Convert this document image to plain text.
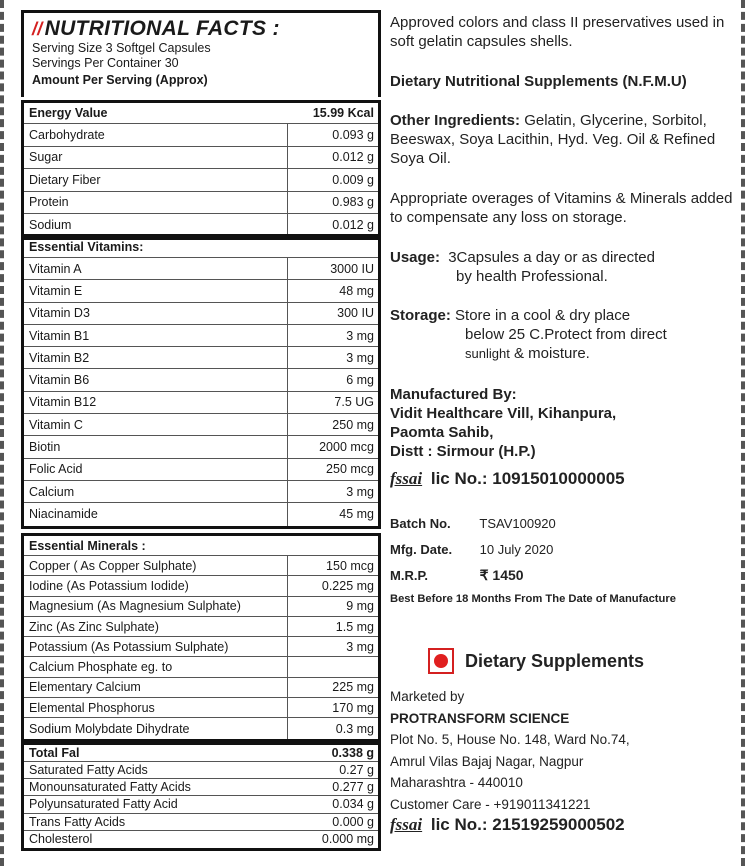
//NUTRITIONAL FACTS :
Serving Size 3 Softgel Capsules
Servings Per Container 30
Amount Per Serving (Approx)
Energy Value	15.99 Kcal
Carbohydrate	0.093 g
Sugar	0.012 g
Dietary Fiber	0.009 g
Protein	0.983 g
Sodium	0.012 g
Essential Vitamins:
Vitamin A	3000 IU
Vitamin E	48 mg
Vitamin D3	300 IU
Vitamin B1	3 mg
Vitamin B2	3 mg
Vitamin B6	6 mg
Vitamin B12	7.5 UG
Vitamin C	250 mg
Biotin	2000 mcg
Folic Acid	250 mcg
Calcium	3 mg
Niacinamide	45 mg
Essential Minerals :
Copper ( As Copper Sulphate)	150 mcg
Iodine (As Potassium Iodide)	0.225 mg
Magnesium (As Magnesium Sulphate)	9 mg
Zinc (As Zinc Sulphate)	1.5 mg
Potassium (As Potassium Sulphate)	3 mg
Calcium Phosphate eg. to
Elementary Calcium	225 mg
Elemental Phosphorus	170 mg
Sodium Molybdate Dihydrate	0.3 mg
Total Fal	0.338 g
Saturated Fatty Acids	0.27 g
Monounsaturated Fatty Acids	0.277 g
Polyunsaturated Fatty Acid	0.034 g
Trans Fatty Acids	0.000 g
Cholesterol	0.000 mg
Approved colors and class II preservatives used in soft gelatin capsules shells.
Dietary Nutritional Supplements (N.F.M.U)
Other Ingredients: Gelatin, Glycerine, Sorbitol, Beeswax, Soya Lacithin, Hyd. Veg. Oil & Refined Soya Oil.
Appropriate overages of Vitamins & Minerals added to compensate any loss on storage.
Usage: 3Capsules a day or as directed
by health Professional.
Storage: Store in a cool & dry place
below 25 C.Protect from direct
sunlight & moisture.
Manufactured By:
Vidit Healthcare Vill, Kihanpura,
Paomta Sahib,
Distt : Sirmour (H.P.)
fssai lic No.: 10915010000005
Batch No. TSAV100920
Mfg. Date. 10 July 2020
M.R.P.	₹ 1450
Best Before 18 Months From The Date of Manufacture
Dietary Supplements
Marketed by
PROTRANSFORM SCIENCE
Plot No. 5, House No. 148, Ward No.74,
Amrul Vilas Bajaj Nagar, Nagpur
Maharashtra - 440010
Customer Care - +919011341221
fssai lic No.: 21519259000502
